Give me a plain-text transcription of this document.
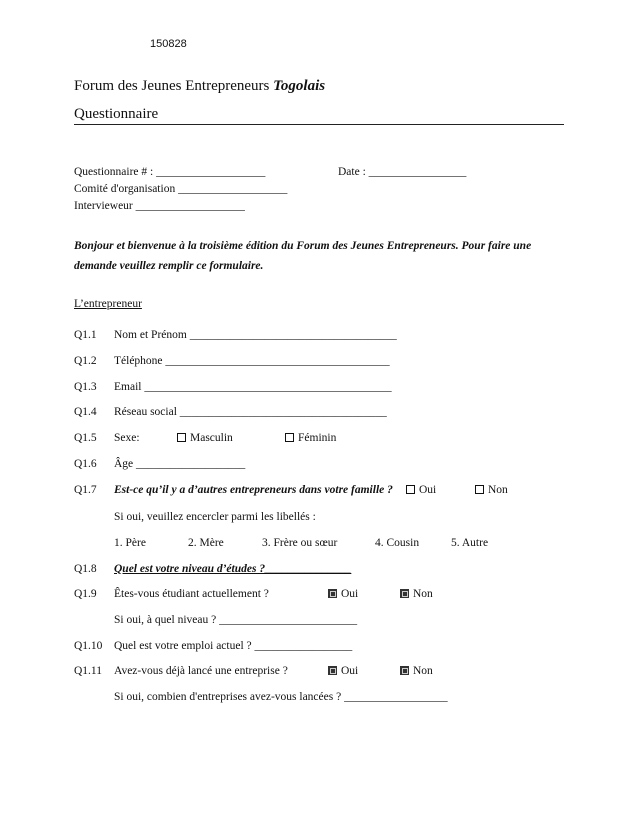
150828
Forum des Jeunes Entrepreneurs Togolais
Questionnaire
Questionnaire # : ___________________	Date : _________________
Comité d'organisation ___________________
Intervieweur ___________________
Bonjour et bienvenue à la troisième édition du Forum des Jeunes Entrepreneurs. Pour faire une demande veuillez remplir ce formulaire.
L’entrepreneur
Q1.1 Nom et Prénom ____________________________________
Q1.2 Téléphone _______________________________________
Q1.3 Email ___________________________________________
Q1.4 Réseau social ____________________________________
Q1.5 Sexe:	Masculin	Féminin
Q1.6 Âge ___________________
Q1.7 Est-ce qu’il y a d’autres entrepreneurs dans votre famille ?	Oui	Non
Si oui, veuillez encercler parmi les libellés :
1. Père	2. Mère	3. Frère ou sœur	4. Cousin	5. Autre
Q1.8 Quel est votre niveau d’études ?_______________
Q1.9 Êtes-vous étudiant actuellement ?	Oui	Non
Si oui, à quel niveau ? ________________________
Q1.10 Quel est votre emploi actuel ? _________________
Q1.11 Avez-vous déjà lancé une entreprise ?	Oui	Non
Si oui, combien d'entreprises avez-vous lancées ? __________________
